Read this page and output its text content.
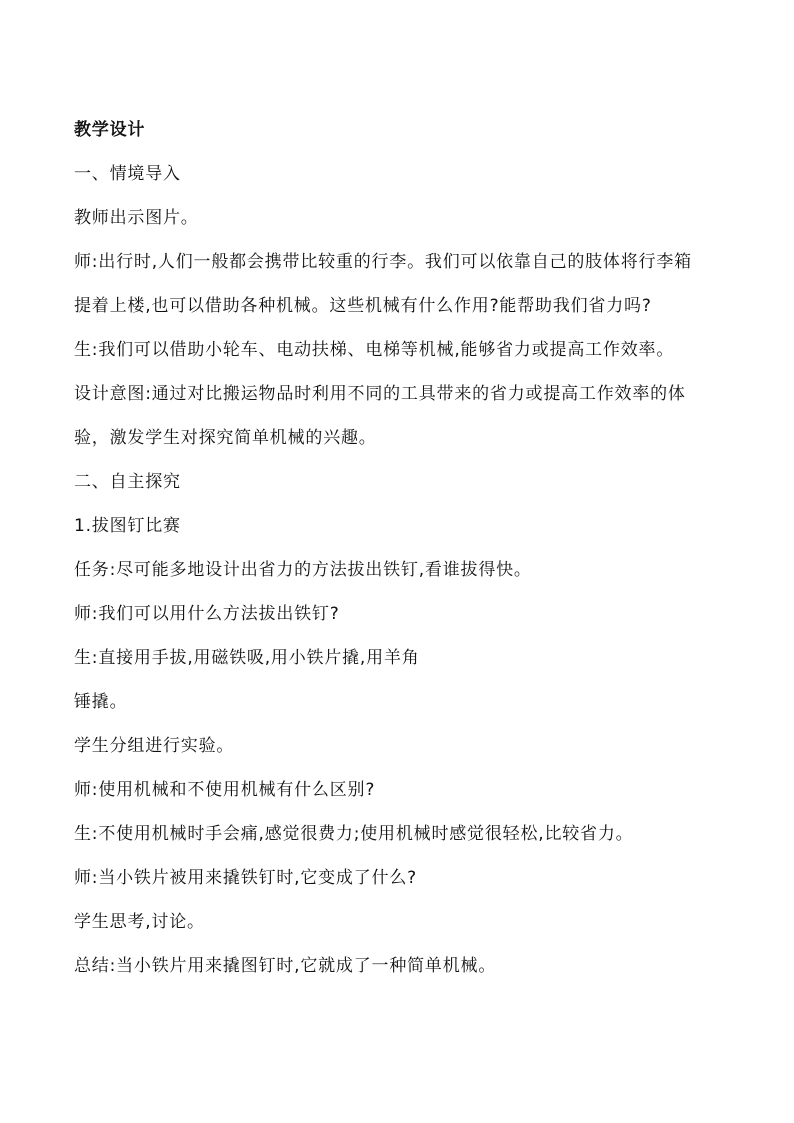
教学设计
一、情境导入
教师出示图片。
师:出行时,人们一般都会携带比较重的行李。我们可以依靠自己的肢体将行李箱
提着上楼,也可以借助各种机械。这些机械有什么作用?能帮助我们省力吗?
生:我们可以借助小轮车、电动扶梯、电梯等机械,能够省力或提高工作效率。
设计意图:通过对比搬运物品时利用不同的工具带来的省力或提高工作效率的体
验，激发学生对探究简单机械的兴趣。
二、自主探究
1.拔图钉比赛
任务:尽可能多地设计出省力的方法拔出铁钉,看谁拔得快。
师:我们可以用什么方法拔出铁钉?
生:直接用手拔,用磁铁吸,用小铁片撬,用羊角
锤撬。
学生分组进行实验。
师:使用机械和不使用机械有什么区别?
生:不使用机械时手会痛,感觉很费力;使用机械时感觉很轻松,比较省力。
师:当小铁片被用来撬铁钉时,它变成了什么?
学生思考,讨论。
总结:当小铁片用来撬图钉时,它就成了一种简单机械。
